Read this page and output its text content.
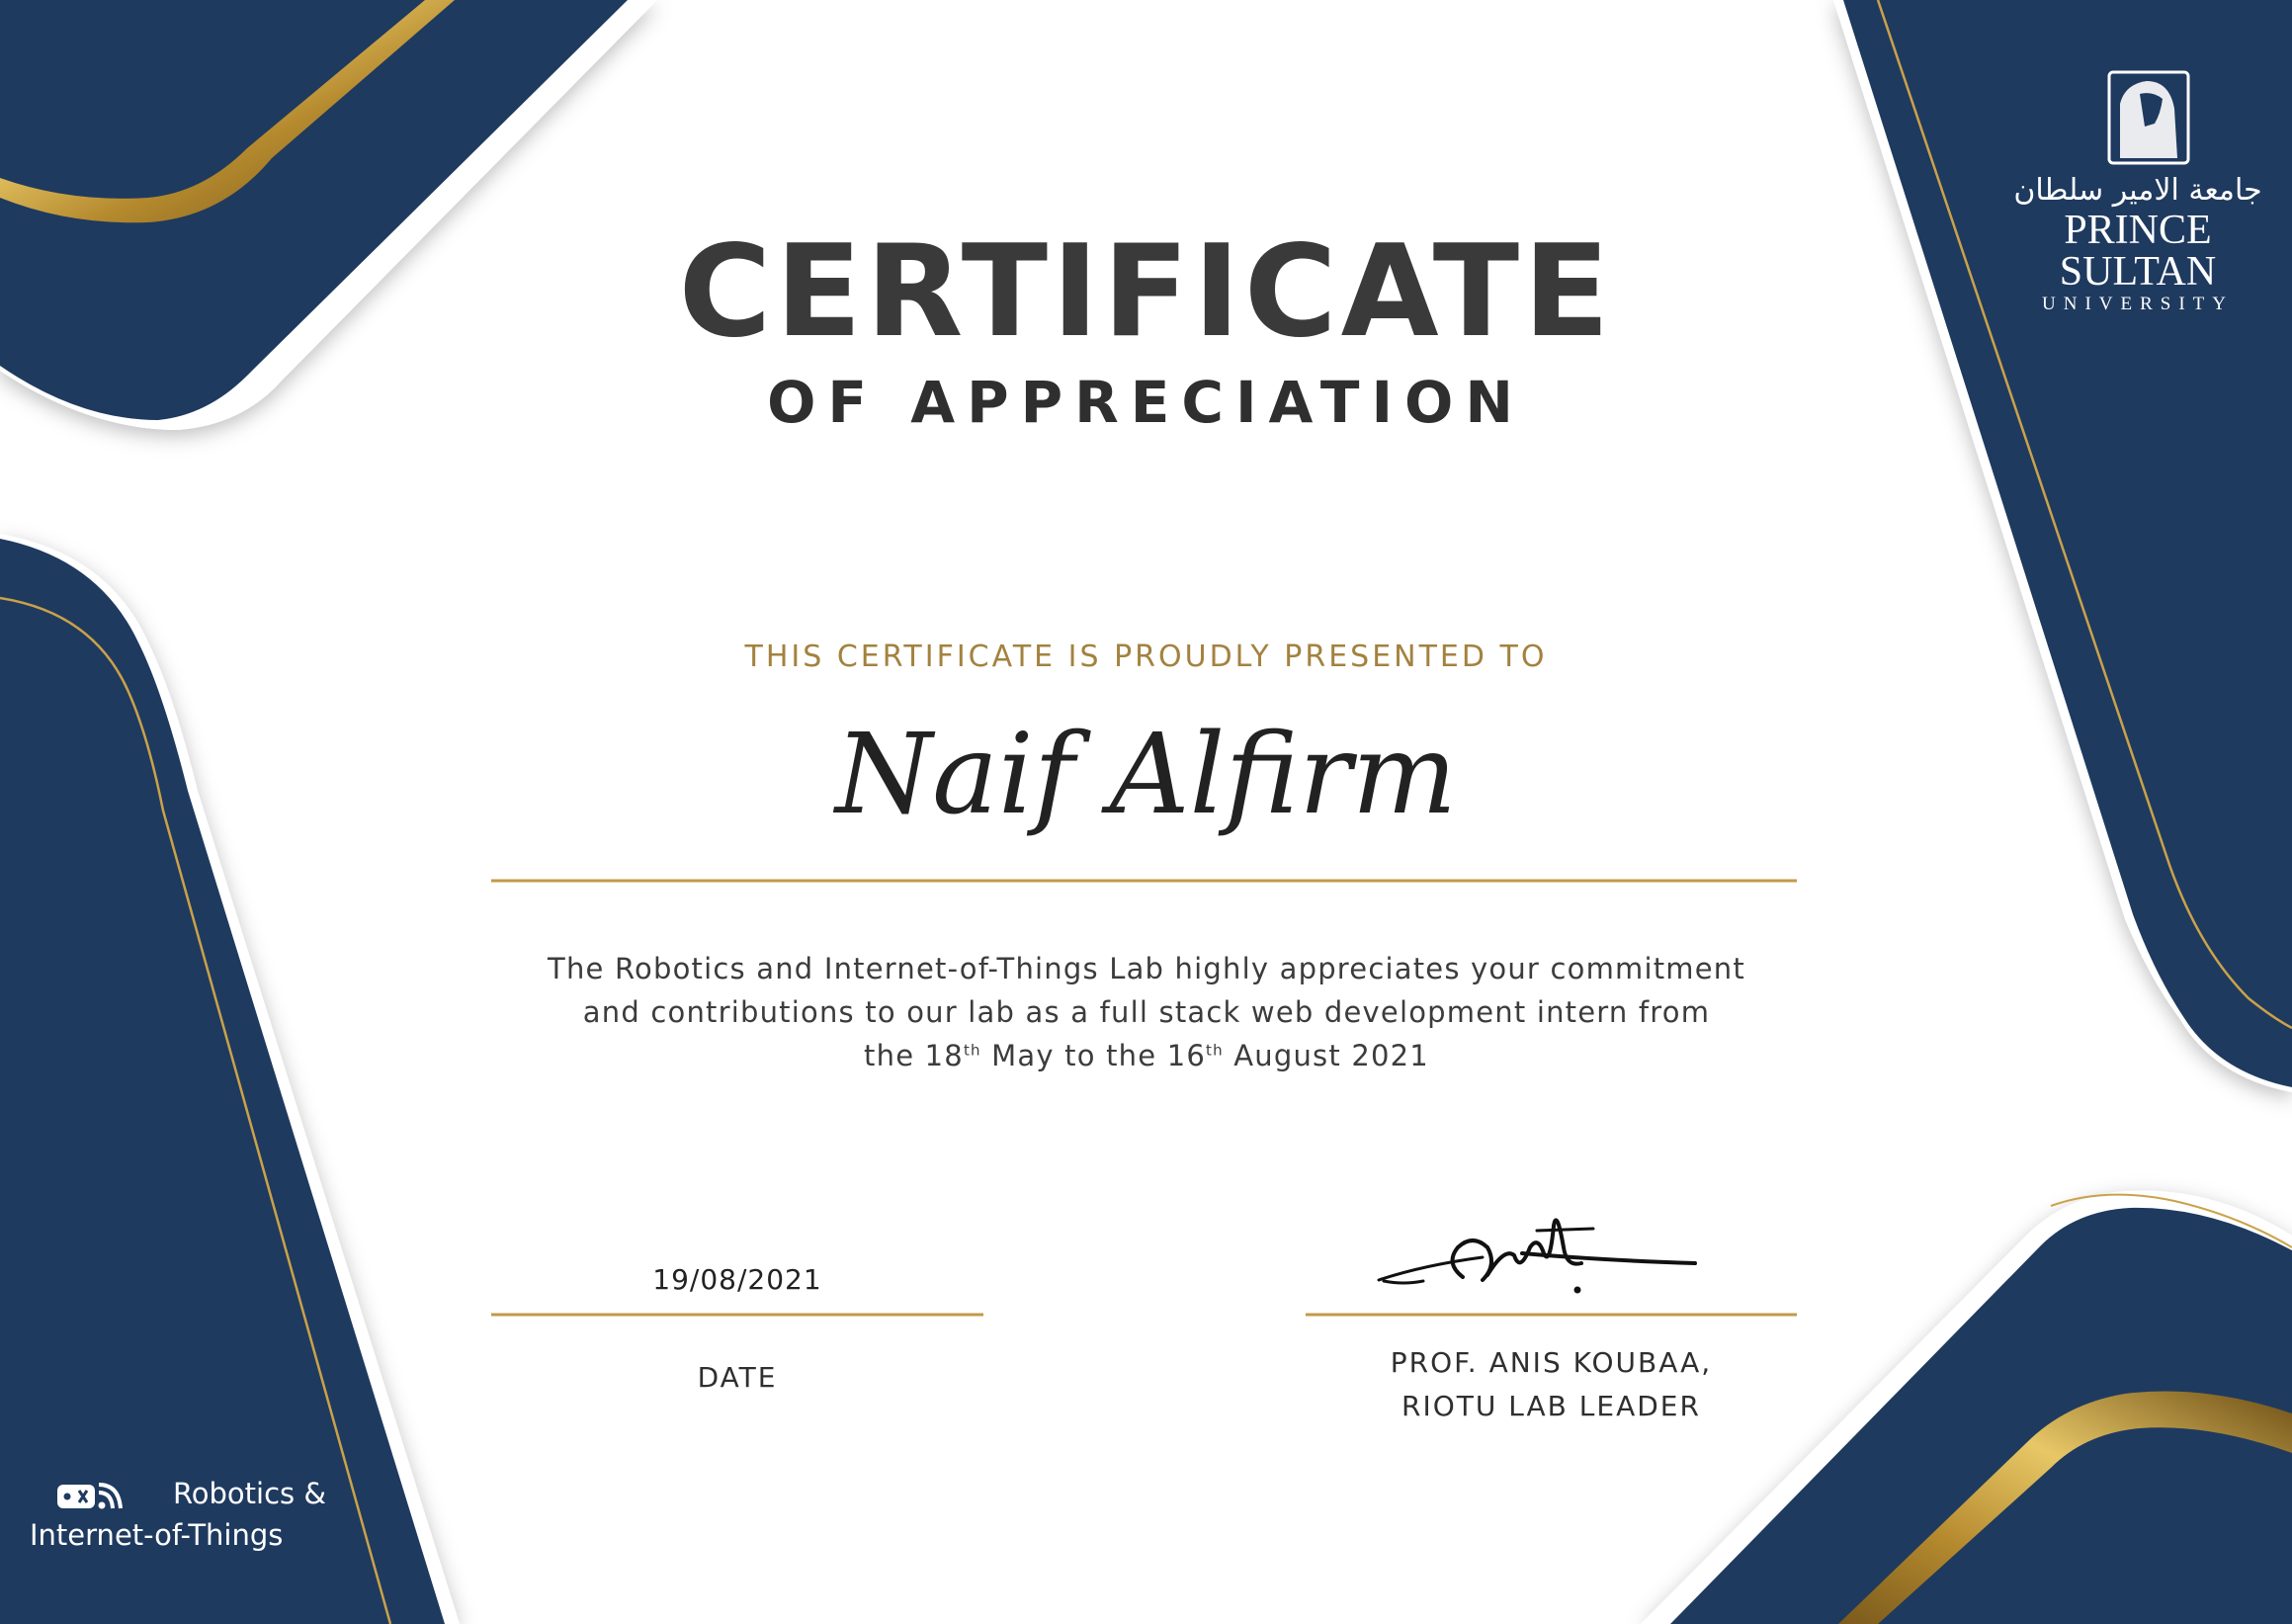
CERTIFICATE
OF APPRECIATION
THIS CERTIFICATE IS PROUDLY PRESENTED TO
Naif Alfirm
The Robotics and Internet-of-Things Lab highly appreciates your commitment
and contributions to our lab as a full stack web development intern from
the 18th May to the 16th August 2021
19/08/2021
DATE	PROF. ANIS KOUBAA,
RIOTU LAB LEADER
جامعة الامير سلطان
PRINCE SULTAN
UNIVERSITY
Robotics &
Internet-of-Things
